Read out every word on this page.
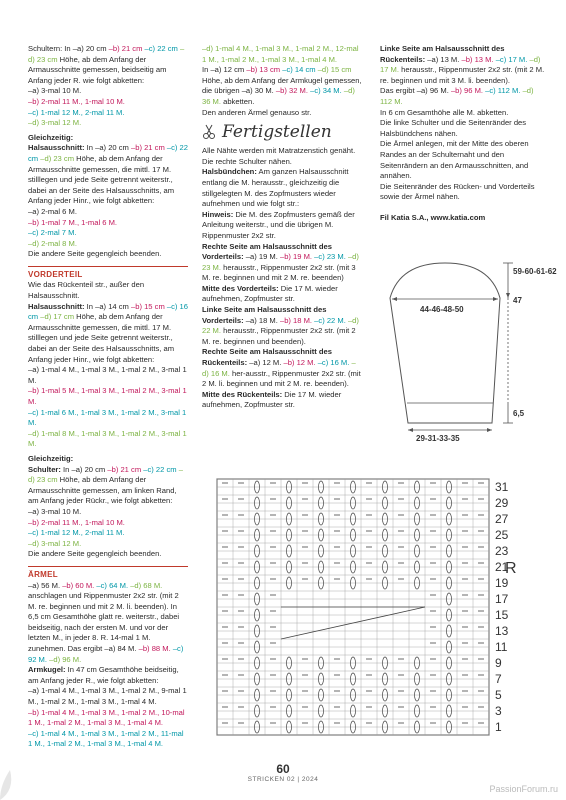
Schultern: In –a) 20 cm –b) 21 cm –c) 22 cm –d) 23 cm Höhe, ab dem Anfang der Armausschnitte gemessen, beidseitig am Anfang jeder R. wie folgt abketten:

–a) 3-mal 10 M.

–b) 2-mal 11 M., 1-mal 10 M.

–c) 1-mal 12 M., 2-mal 11 M.

–d) 3-mal 12 M.

Gleichzeitig:

Halsausschnitt: In –a) 20 cm –b) 21 cm –c) 22 cm –d) 23 cm Höhe, ab dem Anfang der Armausschnitte gemessen, die mittl. 17 M. stilllegen und jede Seite getrennt weiterstr., dabei an der Seite des Halsausschnitts, am Anfang jeder Hinr., wie folgt abketten:

–a) 2-mal 6 M.

–b) 1-mal 7 M., 1-mal 6 M.

–c) 2-mal 7 M.

–d) 2-mal 8 M.

Die andere Seite gegengleich beenden.

VORDERTEIL

Wie das Rückenteil str., außer den Halsausschnitt.

Halsausschnitt: In –a) 14 cm –b) 15 cm –c) 16 cm –d) 17 cm Höhe, ab dem Anfang der Armausschnitte gemessen, die mittl. 17 M. stilllegen und jede Seite getrennt weiterstr., dabei an der Seite des Halsausschnitts, am Anfang jeder Hinr., wie folgt abketten:

–a) 1-mal 4 M., 1-mal 3 M., 1-mal 2 M., 3-mal 1 M.

–b) 1-mal 5 M., 1-mal 3 M., 1-mal 2 M., 3-mal 1 M.

–c) 1-mal 6 M., 1-mal 3 M., 1-mal 2 M., 3-mal 1 M.

–d) 1-mal 8 M., 1-mal 3 M., 1-mal 2 M., 3-mal 1 M.

Gleichzeitig:

Schulter: In –a) 20 cm –b) 21 cm –c) 22 cm –d) 23 cm Höhe, ab dem Anfang der Armausschnitte gemessen, am linken Rand, am Anfang jeder Rückr., wie folgt abketten:

–a) 3-mal 10 M.

–b) 2-mal 11 M., 1-mal 10 M.

–c) 1-mal 12 M., 2-mal 11 M.

–d) 3-mal 12 M.

Die andere Seite gegengleich beenden.

ÄRMEL

–a) 56 M. –b) 60 M. –c) 64 M. –d) 68 M. anschlagen und Rippenmuster 2x2 str. (mit 2 M. re. beginnen und mit 2 M. li. beenden). In 6,5 cm Gesamthöhe glatt re. weiterstr., dabei beidseitig, nach der ersten M. und vor der letzten M., in jeder 8. R. 14-mal 1 M. zunehmen. Das ergibt –a) 84 M. –b) 88 M. –c) 92 M. –d) 96 M.

Armkugel: In 47 cm Gesamthöhe beidseitig, am Anfang jeder R., wie folgt abketten:

–a) 1-mal 4 M., 1-mal 3 M., 1-mal 2 M., 9-mal 1 M., 1-mal 2 M., 1-mal 3 M., 1-mal 4 M.

–b) 1-mal 4 M., 1-mal 3 M., 1-mal 2 M., 10-mal 1 M., 1-mal 2 M., 1-mal 3 M., 1-mal 4 M.

–c) 1-mal 4 M., 1-mal 3 M., 1-mal 2 M., 11-mal 1 M., 1-mal 2 M., 1-mal 3 M., 1-mal 4 M.

–d) 1-mal 4 M., 1-mal 3 M., 1-mal 2 M., 12-mal 1 M., 1-mal 2 M., 1-mal 3 M., 1-mal 4 M.

In –a) 12 cm –b) 13 cm –c) 14 cm –d) 15 cm Höhe, ab dem Anfang der Armkugel gemessen, die übrigen –a) 30 M. –b) 32 M. –c) 34 M. –d) 36 M. abketten.

Den anderen Ärmel genauso str.

Fertigstellen

Alle Nähte werden mit Matratzenstich genäht. Die rechte Schulter nähen.

Halsbündchen: Am ganzen Halsausschnitt entlang die M. herausstr., gleichzeitig die stillgelegten M. des Zopfmusters wieder aufnehmen und wie folgt str.:

Hinweis: Die M. des Zopfmusters gemäß der Anleitung weiterstr., und die übrigen M. Rippenmuster 2x2 str.

Rechte Seite am Halsausschnitt des Vorderteils: –a) 19 M. –b) 19 M. –c) 23 M. –d) 23 M. herausstr., Rippenmuster 2x2 str. (mit 3 M. re. beginnen und mit 2 M. re. beenden)

Mitte des Vorderteils: Die 17 M. wieder aufnehmen, Zopfmuster str.

Linke Seite am Halsausschnitt des Vorderteils: –a) 18 M. –b) 18 M. –c) 22 M. –d) 22 M. herausstr., Rippenmuster 2x2 str. (mit 2 M. re. beginnen und beenden).

Rechte Seite am Halsausschnitt des Rückenteils: –a) 12 M. –b) 12 M. –c) 16 M. –d) 16 M. her-ausstr., Rippenmuster 2x2 str. (mit 2 M. li. beginnen und mit 2 M. re. beenden).

Mitte des Rückenteils: Die 17 M. wieder aufnehmen, Zopfmuster str.

Linke Seite am Halsausschnitt des Rückenteils: –a) 13 M. –b) 13 M. –c) 17 M. –d) 17 M. herausstr., Rippenmuster 2x2 str. (mit 2 M. re. beginnen und mit 3 M. li. beenden).

Das ergibt –a) 96 M. –b) 96 M. –c) 112 M. –d) 112 M.

In 6 cm Gesamthöhe alle M. abketten.

Die linke Schulter und die Seitenränder des Halsbündchens nähen.

Die Ärmel anlegen, mit der Mitte des oberen Randes an der Schulternaht und den Seitenrändern an den Armausschnitten, and annähen.

Die Seitenränder des Rücken- und Vorderteils sowie der Ärmel nähen.

Fil Katia S.A., www.katia.com

59-60-61-62
44-46-48-50
47
6,5
29-31-33-35
31
29
27
25
23
21
19
17
15
13
11
9
7
5
3
1
R
60
STRICKEN 02 | 2024
PassionForum.ru
